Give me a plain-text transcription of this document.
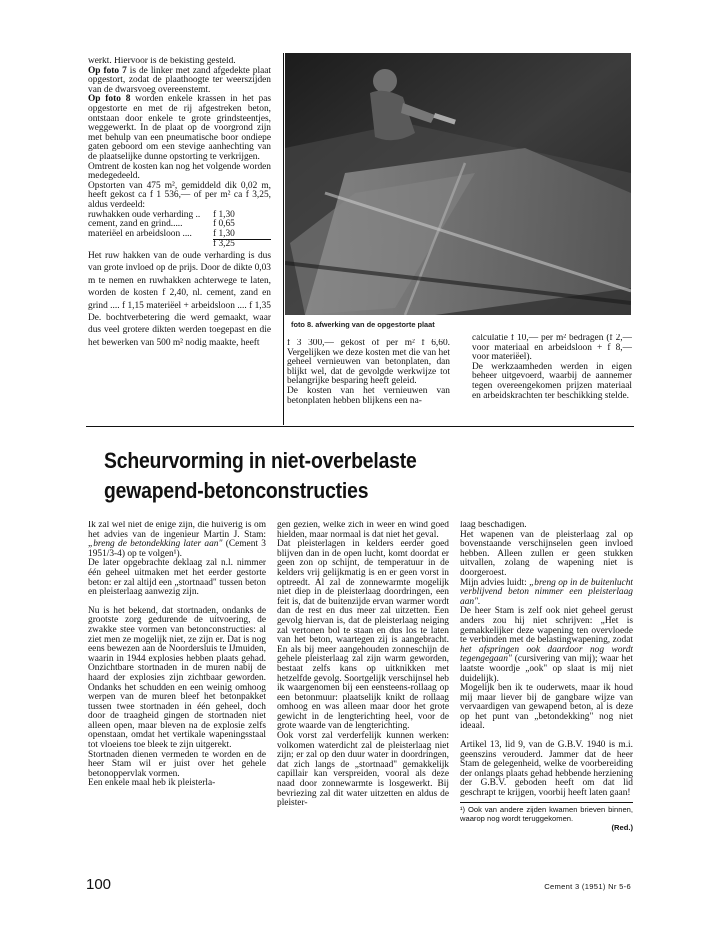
werkt. Hiervoor is de bekisting gesteld.

Op foto 7 is de linker met zand afgedekte plaat opgestort, zodat de plaathoogte ter weerszijden van de dwarsvoeg overeenstemt.

Op foto 8 worden enkele krassen in het pas opgestorte en met de rij afgestreken beton, ontstaan door enkele te grote grindsteentjes, weggewerkt. In de plaat op de voorgrond zijn met behulp van een pneumatische boor ondiepe gaten geboord om een stevige aanhechting van de plaatselijke dunne opstorting te verkrijgen.

Omtrent de kosten kan nog het volgende worden medegedeeld.

Opstorten van 475 m², gemiddeld dik 0,02 m, heeft gekost ca f 1 536,— of per m² ca f 3,25, aldus verdeeld:

ruwhakken oude verharding ..	f 1,30
cement, zand en grind.....	f 0,65
materiëel en arbeidsloon ....	f 1,30
	f 3,25

Het ruw hakken van de oude verharding is dus van grote invloed op de prijs. Door de dikte 0,03 m te nemen en ruwhakken achterwege te laten, worden de kosten f 2,40, nl. cement, zand en grind .... f 1,15 materiëel + arbeidsloon .... f 1,35 De. bochtverbetering die werd gemaakt, waar dus veel grotere dikten werden toegepast en die het bewerken van 500 m² nodig maakte, heeft

foto 8. afwerking van de opgestorte plaat

f 3 300,— gekost of per m² f 6,60. Vergelijken we deze kosten met die van het geheel vernieuwen van betonplaten, dan blijkt wel, dat de gevolgde werkwijze tot belangrijke besparing heeft geleid.

De kosten van het vernieuwen van betonplaten hebben blijkens een na-

calculatie f 10,— per m² bedragen (f 2,— voor materiaal en arbeidsloon + f 8,— voor materiëel).

De werkzaamheden werden in eigen beheer uitgevoerd, waarbij de aannemer tegen overeengekomen prijzen materiaal en arbeidskrachten ter beschikking stelde.

Scheurvorming in niet-overbelaste
gewapend-betonconstructies

Ik zal wel niet de enige zijn, die huiverig is om het advies van de ingenieur Martin J. Stam: „breng de betondekking later aan" (Cement 3 1951/3-4) op te volgen¹).

De later opgebrachte deklaag zal n.l. nimmer één geheel uitmaken met het eerder gestorte beton: er zal altijd een „stortnaad" tussen beton en pleisterlaag aanwezig zijn.

Nu is het bekend, dat stortnaden, ondanks de grootste zorg gedurende de uitvoering, de zwakke stee vormen van betonconstructies: al ziet men ze mogelijk niet, ze zijn er. Dat is nog eens bewezen aan de Noordersluis te IJmuiden, waarin in 1944 explosies hebben plaats gehad. Onzichtbare stortnaden in de muren nabij de haard der explosies zijn zichtbaar geworden. Ondanks het schudden en een weinig omhoog werpen van de muren bleef het betonpakket tussen twee stortnaden in één geheel, doch door de traagheid gingen de stortnaden niet alleen open, maar bleven na de explosie zelfs openstaan, omdat het vertikale wapeningsstaal tot vloeiens toe bleek te zijn uitgerekt.

Stortnaden dienen vermeden te worden en de heer Stam wil er juist over het gehele betonoppervlak vormen.

Een enkele maal heb ik pleisterla-

gen gezien, welke zich in weer en wind goed hielden, maar normaal is dat niet het geval.

Dat pleisterlagen in kelders eerder goed blijven dan in de open lucht, komt doordat er geen zon op schijnt, de temperatuur in de kelders vrij gelijkmatig is en er geen vorst in optreedt. Al zal de zonnewarmte mogelijk niet diep in de pleisterlaag doordringen, een feit is, dat de buitenzijde ervan warmer wordt dan de rest en dus meer zal uitzetten. Een gevolg hiervan is, dat de pleisterlaag neiging zal vertonen bol te staan en dus los te laten van het beton, waartegen zij is aangebracht. En als bij meer aangehouden zonneschijn de gehele pleisterlaag zal zijn warm geworden, bestaat zelfs kans op uitknikken met hetzelfde gevolg. Soortgelijk verschijnsel heb ik waargenomen bij een eensteens-rollaag op een betonmuur: plaatselijk knikt de rollaag omhoog en was alleen maar door het grote gewicht in de lengterichting heel, voor de grote waarde van de lengterichting.

Ook vorst zal verderfelijk kunnen werken: volkomen waterdicht zal de pleisterlaag niet zijn; er zal op den duur water in doordringen, dat zich langs de „stortnaad" gemakkelijk capillair kan verspreiden, vooral als deze naad door zonnewarmte is losgewerkt. Bij bevriezing zal dit water uitzetten en aldus de pleister-

laag beschadigen.

Het wapenen van de pleisterlaag zal op bovenstaande verschijnselen geen invloed hebben. Alleen zullen er geen stukken uitvallen, zolang de wapening niet is doorgeroest.

Mijn advies luidt: „breng op in de buitenlucht verblijvend beton nimmer een pleisterlaag aan".

De heer Stam is zelf ook niet geheel gerust anders zou hij niet schrijven: „Het is gemakkelijker deze wapening ten overvloede te verbinden met de belastingwapening, zodat het afspringen ook daardoor nog wordt tegengegaan" (cursivering van mij); waar het laatste woordje „ook" op slaat is mij niet duidelijk).

Mogelijk ben ik te ouderwets, maar ik houd mij maar liever bij de gangbare wijze van vervaardigen van gewapend beton, al is deze op het punt van „betondekking" nog niet ideaal.

Artikel 13, lid 9, van de G.B.V. 1940 is m.i. geenszins verouderd. Jammer dat de heer Stam de gelegenheid, welke de voorbereiding der onlangs plaats gehad hebbende herziening der G.B.V. geboden heeft om dat lid geschrapt te krijgen, voorbij heeft laten gaan!

¹) Ook van andere zijden kwamen brieven binnen, waarop nog wordt teruggekomen.
(Red.)
100	Cement 3 (1951) Nr 5-6
